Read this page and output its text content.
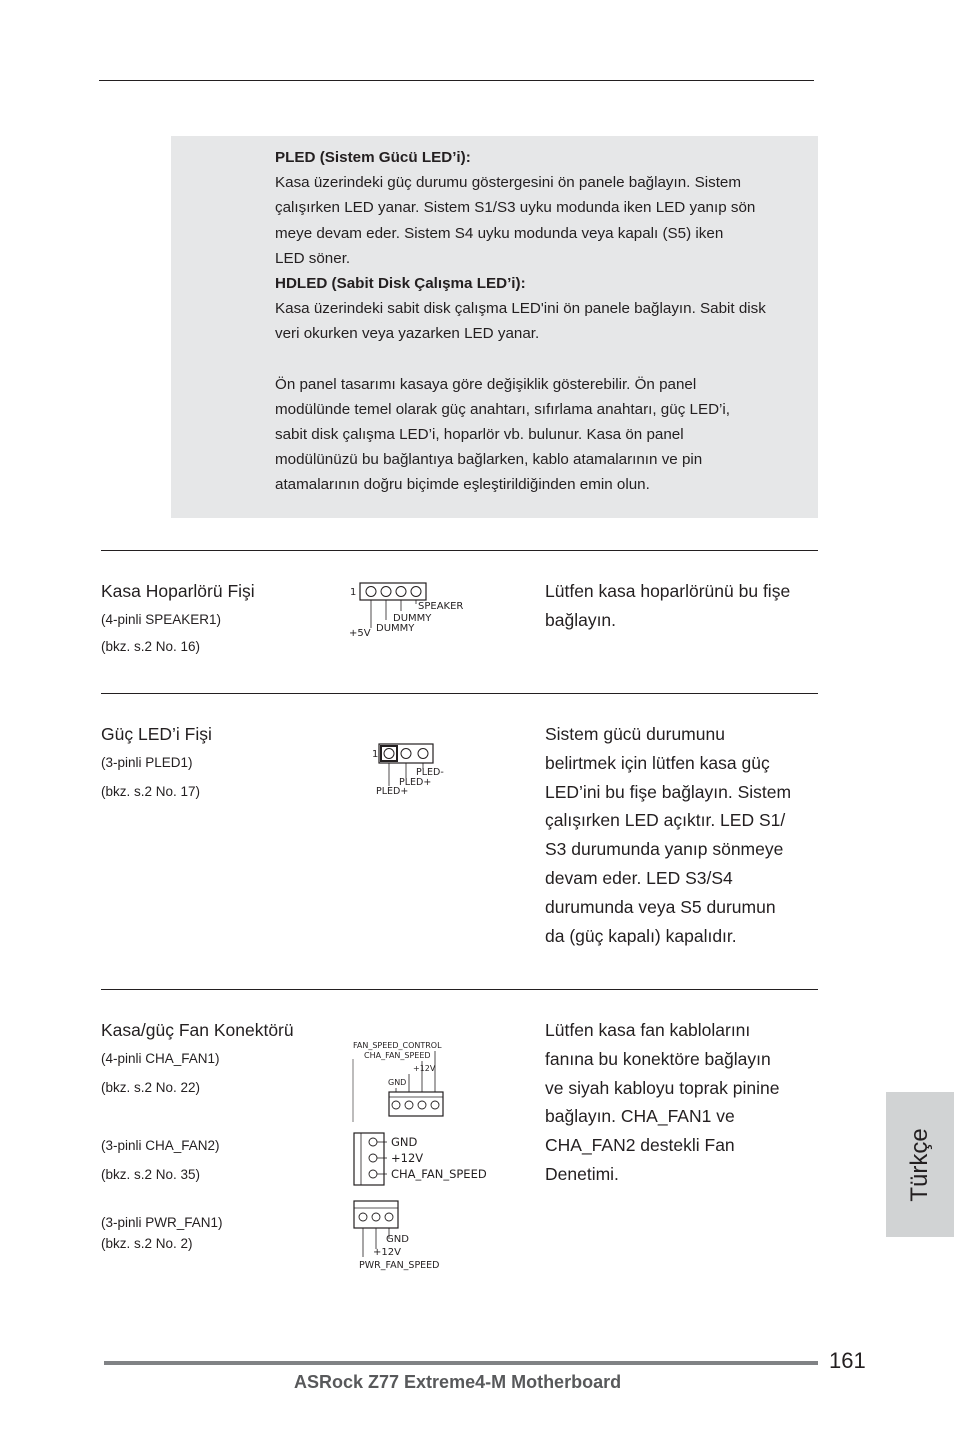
PLED (Sistem Gücü LED’i):
Kasa üzerindeki güç durumu göstergesini ön panele bağlayın. Sistem
çalışırken LED yanar. Sistem S1/S3 uyku modunda iken LED yanıp sön
meye devam eder. Sistem S4 uyku modunda veya kapalı (S5) iken
LED söner.
HDLED (Sabit Disk Çalışma LED’i):
Kasa üzerindeki sabit disk çalışma LED'ini ön panele bağlayın. Sabit disk
veri okurken veya yazarken LED yanar.
Ön panel tasarımı kasaya göre değişiklik gösterebilir. Ön panel
modülünde temel olarak güç anahtarı, sıfırlama anahtarı, güç LED’i,
sabit disk çalışma LED’i, hoparlör vb. bulunur. Kasa ön panel
modülünüzü bu bağlantıya bağlarken, kablo atamalarının ve pin
atamalarının doğru biçimde eşleştirildiğinden emin olun.
Kasa Hoparlörü Fişi
(4-pinli SPEAKER1)
(bkz. s.2 No. 16)
1
SPEAKER
DUMMY
+5V DUMMY
Lütfen kasa hoparlörünü bu fişe
bağlayın.
Güç LED’i Fişi
(3-pinli PLED1)
(bkz. s.2 No. 17)
1
PLED-
PLED+
PLED+
Sistem gücü durumunu
belirtmek için lütfen kasa güç
LED’ini bu fişe bağlayın. Sistem
çalışırken LED açıktır. LED S1/
S3 durumunda yanıp sönmeye
devam eder. LED S3/S4
durumunda veya S5 durumun
da (güç kapalı) kapalıdır.
Kasa/güç Fan Konektörü
(4-pinli CHA_FAN1)
(bkz. s.2 No. 22)
(3-pinli CHA_FAN2)
(bkz. s.2 No. 35)
(3-pinli PWR_FAN1)
(bkz. s.2 No. 2)
FAN_SPEED_CONTROL
CHA_FAN_SPEED
+12V
GND
GND
+12V
CHA_FAN_SPEED
GND
+12V
PWR_FAN_SPEED
Lütfen kasa fan kablolarını
fanına bu konektöre bağlayın
ve siyah kabloyu toprak pinine
bağlayın. CHA_FAN1 ve
CHA_FAN2 destekli Fan
Denetimi.	Türkçe
161
ASRock Z77 Extreme4-M Motherboard
